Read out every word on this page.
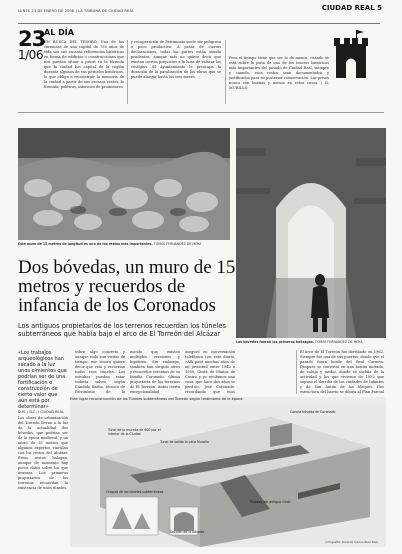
LUNES 23 DE ENERO DE 2006 | LA TRIBUNA DE CIUDAD REAL	CIUDAD REAL 5
23
AL DÍA
1/06
EN BUSCA DEL TESORO. Una de las carencias de una capital de 750 años de vida son sus escasas referencias históricas en forma de edificios o construcciones que nos puedan situar a priori en la fórmula que la ciudad fue capital de la región durante algunos de sus periodos históricos, lo que obliga a reconstruir la memoria de la ciudad a partir de sus escasos restos, la fórmula: políticas, intereses de promotores
y recuperación de Patrimonio suele ser peligrosa o poco productiva. A pesar de ciertas declaraciones, todas las partes están siendo prudentes, aunque más no quiere decir que existan ciertos prejuicios a la hora de valorar los vestigios. El Ayuntamiento le preocupa la duración de la paralización de las obras que se puede alargar hasta los tres meses.
Pero el tiempo tiene que ser lo de menos, cuando se está sobre la pista de uno de los tesoros históricos más importantes del pasado de Ciudad Real, siempre y cuando, esos restos sean documentados y justificados para su posterior conservación. Las prisas nunca son buenas y menos en estos casos. / D. MURILLO
Este muro de 15 metros de longitud es uno de los restos más importantes. TOMÁS FERNÁNDEZ DE MOYA
Las bóvedas fueron los primeros hallazgos. TOMÁS FERNÁNDEZ DE MOYA
Dos bóvedas, un muro de 15 metros y recuerdos de infancia de los Coronados
Los antiguos propietarios de los terrenos recuerdan los túneles subterráneos que había bajo el arco de El Torreón del Alcázar
«Los trabajos arqueológicos han sacado a la luz unos cimientos que podrían ser de una fortificación o construcción de cierto valor que aún está por determinar»
D.M. / D.C. / CIUDAD REAL
Los obras de urbanización del Torreón llevan a la luz de la actualidad dos bóvedas, que podrían ser de la época medieval, y un muro de 15 metros que algunos expertos vinculan con los restos del Alcázar. Estos restos halagan, aunque de momento hay pocos datos sobre los que avanzar. Los primeros propietarios de los terrenos recuerdan la existencia de unos túneles.
sobre algo concreto y aunque todo son visitas de tiempo, ese tesoro quiere decir que veía y recorrían todos esos túneles. Los estudios pueden estar todavía salvos, según Cándido Barba, técnico de Patrimonio de la
nocido que existen multiples versiones y hipótesis. Sin embargo, también han surgido otros y recuerdos cercanos de su familia Coronado, última propietaria de los terrenos de El Torreón. Antes cierta excepcionalidad
asegurò en conversación telefónica con este diario. «Allí pasé muchos años de mi juventud entre 1942 a 1950, Ginés de Muñoz de Castro y yo recibimos una casa, que hace dos años se perdió». José Coronado, recordando que esos
El arco de El Torreón fue derribado en 1962. Siempre fue una de sus puertas, donde que el pasado fuera borde del Real Carmen. Después se convirtió en una bonita morada, de cobijo y medio, donde se incluía de la actividad y los que vivieron de 1952 que supuso el derribo de las ciudades de Infantes y de San Antón de los bloques. Dos estructura del barrio se dibuja al Plan Parcial
Este lugar reconstrucción de los Túneles subterráneos del Torreón según testimonio de la época.
Corona bóveda de Coronado
Túnel de la muralla de 600 por el interior de la Ciudad
Túnel de salida la calle Muralla
Croquis de los túneles subterráneos
Trazado del antiguo túnel
Sección de la bóveda
Infografía: Ricardo Carlos Ruiz Ruiz
